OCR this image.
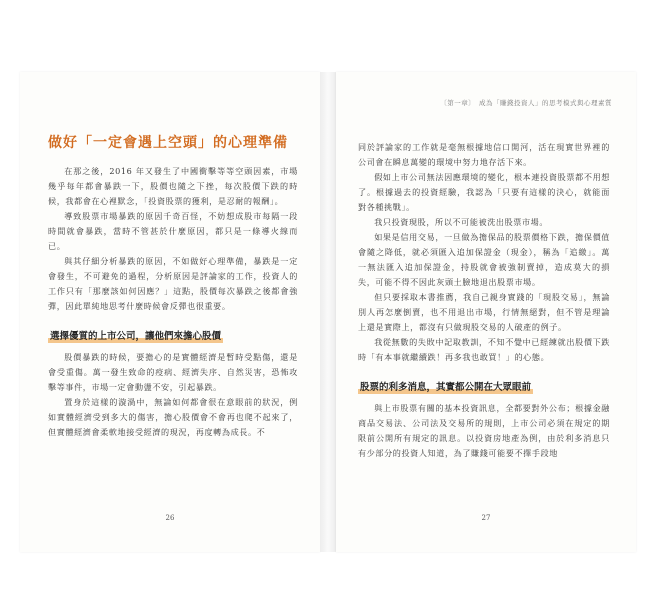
做好「一定會遇上空頭」的心理準備

在那之後，2016 年又發生了中國衝擊等等空頭因素，市場幾乎每年都會暴跌一下，股價也隨之下挫，每次股價下跌的時候，我都會在心裡默念，「投資股票的獲利，是忍耐的報酬」。

導致股票市場暴跌的原因千奇百怪，不妨想成股市每隔一段時間就會暴跌，當時不管甚於什麼原因，都只是一條導火線而已。

與其仔細分析暴跌的原因，不如做好心理準備，暴跌是一定會發生，不可避免的過程，分析原因是評論家的工作，投資人的工作只有「那麼該如何因應？」這點，股價每次暴跌之後都會強彈，因此單純地思考什麼時候會反彈也很重要。

選擇優質的上市公司，讓他們來擔心股價

股價暴跌的時候，要擔心的是實體經濟是暫時受點傷，還是會受重傷。萬一發生致命的疫病、經濟失序、自然災害，恐怖攻擊等事件，市場一定會動盪不安，引起暴跌。

置身於這樣的漩渦中，無論如何都會很在意眼前的狀況，例如實體經濟受到多大的傷害，擔心股價會不會再也爬不起來了，但實體經濟會柔軟地接受經濟的現況，再度轉為成長。不

26
〔第一章〕　成為「賺錢投資人」的思考模式與心理素質

同於評論家的工作就是毫無根據地信口開河，活在現實世界裡的公司會在瞬息萬變的環境中努力地存活下來。

假如上市公司無法因應環境的變化，根本連投資股票都不用想了。根據過去的投資經驗，我認為「只要有這樣的決心，就能面對各種挑戰」。

我只投資現股，所以不可能被洗出股票市場。

如果是信用交易，一旦做為擔保品的股票價格下跌，擔保價值會隨之降低，就必須匯入追加保證金（現金），稱為「追繳」。萬一無法匯入追加保證金，持股就會被強制賣掉，造成莫大的損失，可能不得不因此灰頭土臉地退出股票市場。

但只要採取本書推薦，我自己親身實踐的「現股交易」，無論別人再怎麼倒賣，也不用退出市場，行情無絕對，但不管是理論上還是實際上，都沒有只做現股交易的人破產的例子。

我從無數的失敗中記取教訓，不知不覺中已經練就出股價下跌時「有本事就繼續跌！再多我也敢買！」的心態。

股票的利多消息，其實都公開在大眾眼前

與上市股票有關的基本投資訊息，全都要對外公布；根據金融商品交易法、公司法及交易所的規則，上市公司必須在規定的期限前公開所有規定的訊息。以投資房地產為例，由於利多消息只有少部分的投資人知道，為了賺錢可能要不擇手段地

27
